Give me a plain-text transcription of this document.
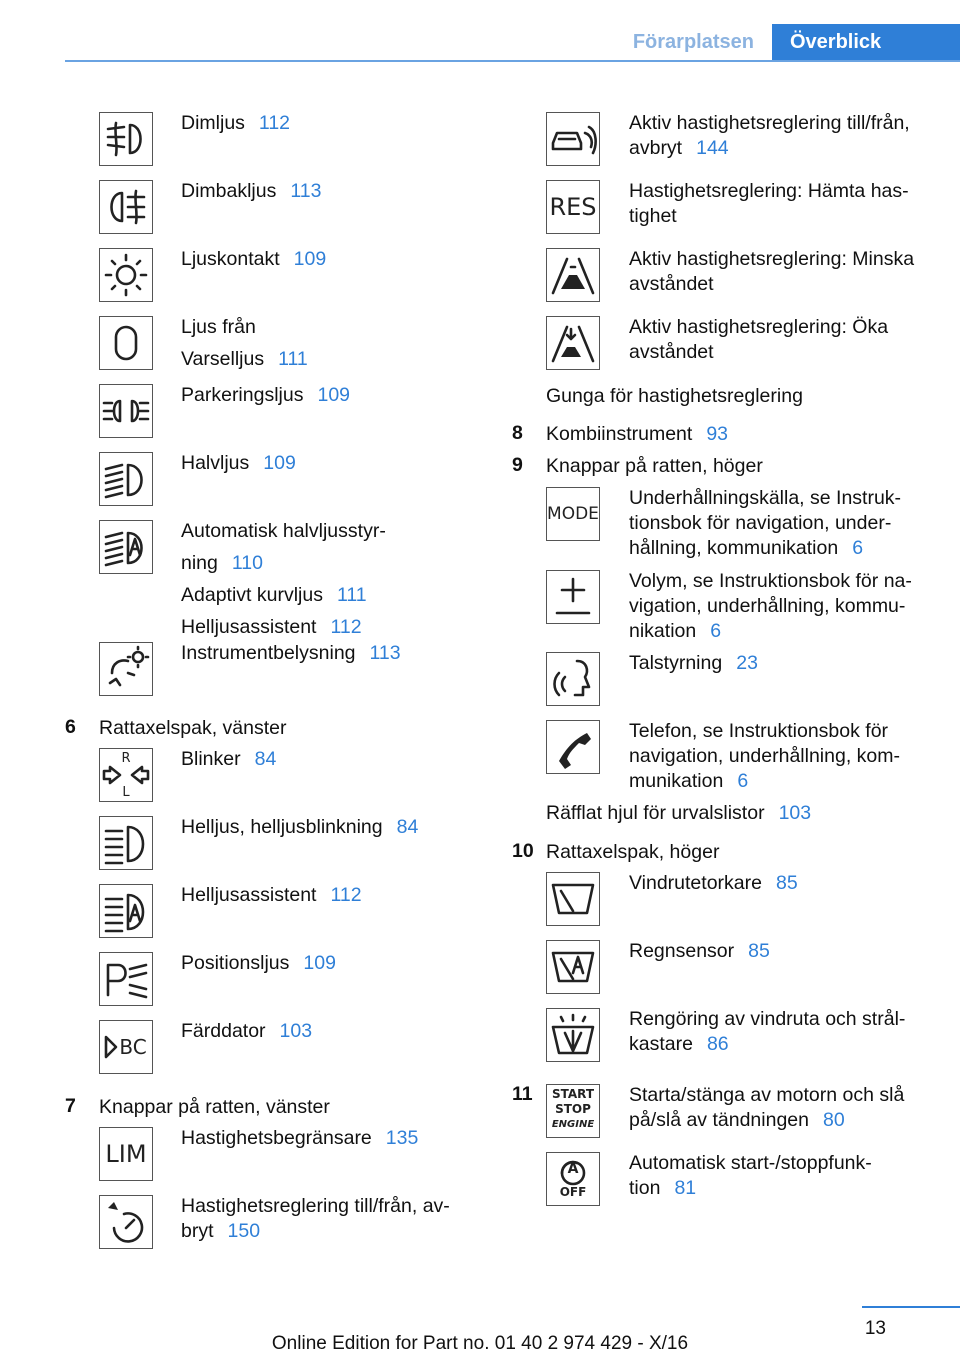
Förarplatsen	Överblick
Dimljus 112
Dimbakljus 113
Ljuskontakt 109
Ljus från
Varselljus 111
Parkeringsljus 109
Halvljus 109
Automatisk halvljusstyr-
ning 110
Adaptivt kurvljus 111
Helljusassistent 112
Instrumentbelysning 113
6 Rattaxelspak, vänster
R
L
Blinker 84
Helljus, helljusblinkning 84
Helljusassistent 112
Positionsljus 109
BC
Färddator 103
7 Knappar på ratten, vänster
LIM
Hastighetsbegränsare 135
Hastighetsreglering till/från, av-
bryt 150
Aktiv hastighetsreglering till/från,
avbryt 144
RES
Hastighetsreglering: Hämta has-
tighet
Aktiv hastighetsreglering: Minska
avståndet
Aktiv hastighetsreglering: Öka
avståndet
Gunga för hastighetsreglering
8 Kombiinstrument 93
9 Knappar på ratten, höger
MODE
Underhållningskälla, se Instruk-
tionsbok för navigation, under-
hållning, kommunikation 6
Volym, se Instruktionsbok för na-
vigation, underhållning, kommu-
nikation 6
Talstyrning 23
Telefon, se Instruktionsbok för
navigation, underhållning, kom-
munikation 6
Räfflat hjul för urvalslistor 103
10 Rattaxelspak, höger
Vindrutetorkare 85
Regnsensor 85
Rengöring av vindruta och strål-
kastare 86
11	START
STOP
ENGINE
Starta/stänga av motorn och slå
på/slå av tändningen 80
A
OFF
Automatisk start-/stoppfunk-
tion 81
13
Online Edition for Part no. 01 40 2 974 429 - X/16
